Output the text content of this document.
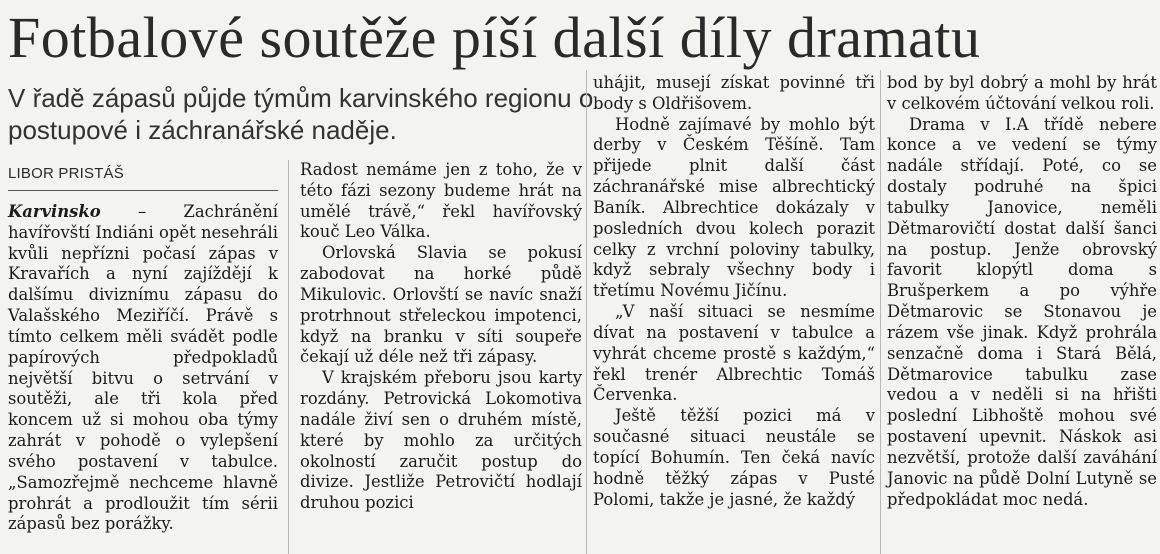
Fotbalové soutěže píší další díly dramatu
V řadě zápasů půjde týmům karvinského regionu o postupové i záchranářské naděje.
LIBOR PRISTÁŠ

Karvinsko – Zachránění havířovští Indiáni opět nesehráli kvůli nepřízni počasí zápas v Kravařích a nyní zajíždějí k dalšímu diviznímu zápasu do Valašského Meziříčí. Právě s tímto celkem měli svádět podle papírových předpokladů největší bitvu o setrvání v soutěži, ale tři kola před koncem už si mohou oba týmy zahrát v pohodě o vylepšení svého postavení v tabulce. „Samozřejmě nechceme hlavně prohrát a prodloužit tím sérii zápasů bez porážky.

Radost nemáme jen z toho, že v této fázi sezony budeme hrát na umělé trávě,“ řekl havířovský kouč Leo Válka.

Orlovská Slavia se pokusí zabodovat na horké půdě Mikulovic. Orlovští se navíc snaží protrhnout střeleckou impotenci, když na branku v síti soupeře čekají už déle než tři zápasy.

V krajském přeboru jsou karty rozdány. Petrovická Lokomotiva nadále živí sen o druhém místě, které by mohlo za určitých okolností zaručit postup do divize. Jestliže Petrovičtí hodlají druhou pozici

uhájit, musejí získat povinné tři body s Oldřišovem.

Hodně zajímavé by mohlo být derby v Českém Těšíně. Tam přijede plnit další část záchranářské mise albrechtický Baník. Albrechtice dokázaly v posledních dvou kolech porazit celky z vrchní poloviny tabulky, když sebraly všechny body i třetímu Novému Jičínu.

„V naší situaci se nesmíme dívat na postavení v tabulce a vyhrát chceme prostě s každým,“ řekl trenér Albrechtic Tomáš Červenka.

Ještě těžší pozici má v současné situaci neustále se topící Bohumín. Ten čeká navíc hodně těžký zápas v Pusté Polomi, takže je jasné, že každý

bod by byl dobrý a mohl by hrát v celkovém účtování velkou roli.

Drama v I.A třídě nebere konce a ve vedení se týmy nadále střídají. Poté, co se dostaly podruhé na špici tabulky Janovice, neměli Dětmarovičtí dostat další šanci na postup. Jenže obrovský favorit klopýtl doma s Brušperkem a po výhře Dětmarovic se Stonavou je rázem vše jinak. Když prohrála senzačně doma i Stará Bělá, Dětmarovice tabulku zase vedou a v neděli si na hřišti poslední Libhoště mohou své postavení upevnit. Náskok asi nezvětší, protože další zaváhání Janovic na půdě Dolní Lutyně se předpokládat moc nedá.
